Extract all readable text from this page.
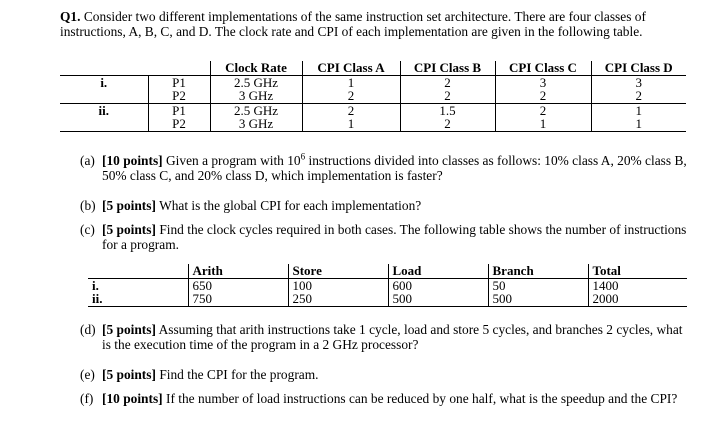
Q1. Consider two different implementations of the same instruction set architecture. There are four classes of instructions, A, B, C, and D. The clock rate and CPI of each implementation are given in the following table.
		Clock Rate	CPI Class A	CPI Class B	CPI Class C	CPI Class D
i.	P1	2.5 GHz	1	2	3	3
	P2	3 GHz	2	2	2	2
ii.	P1	2.5 GHz	2	1.5	2	1
	P2	3 GHz	1	2	1	1
(a) [10 points] Given a program with $10^6$ instructions divided into classes as follows: 10% class A, 20% class B, 50% class C, and 20% class D, which implementation is faster?
(b) [5 points] What is the global CPI for each implementation?
(c) [5 points] Find the clock cycles required in both cases. The following table shows the number of instructions for a program.
	Arith	Store	Load	Branch	Total
i.	650	100	600	50	1400
ii.	750	250	500	500	2000
(d) [5 points] Assuming that arith instructions take 1 cycle, load and store 5 cycles, and branches 2 cycles, what is the execution time of the program in a 2 GHz processor?
(e) [5 points] Find the CPI for the program.
(f) [10 points] If the number of load instructions can be reduced by one half, what is the speedup and the CPI?
